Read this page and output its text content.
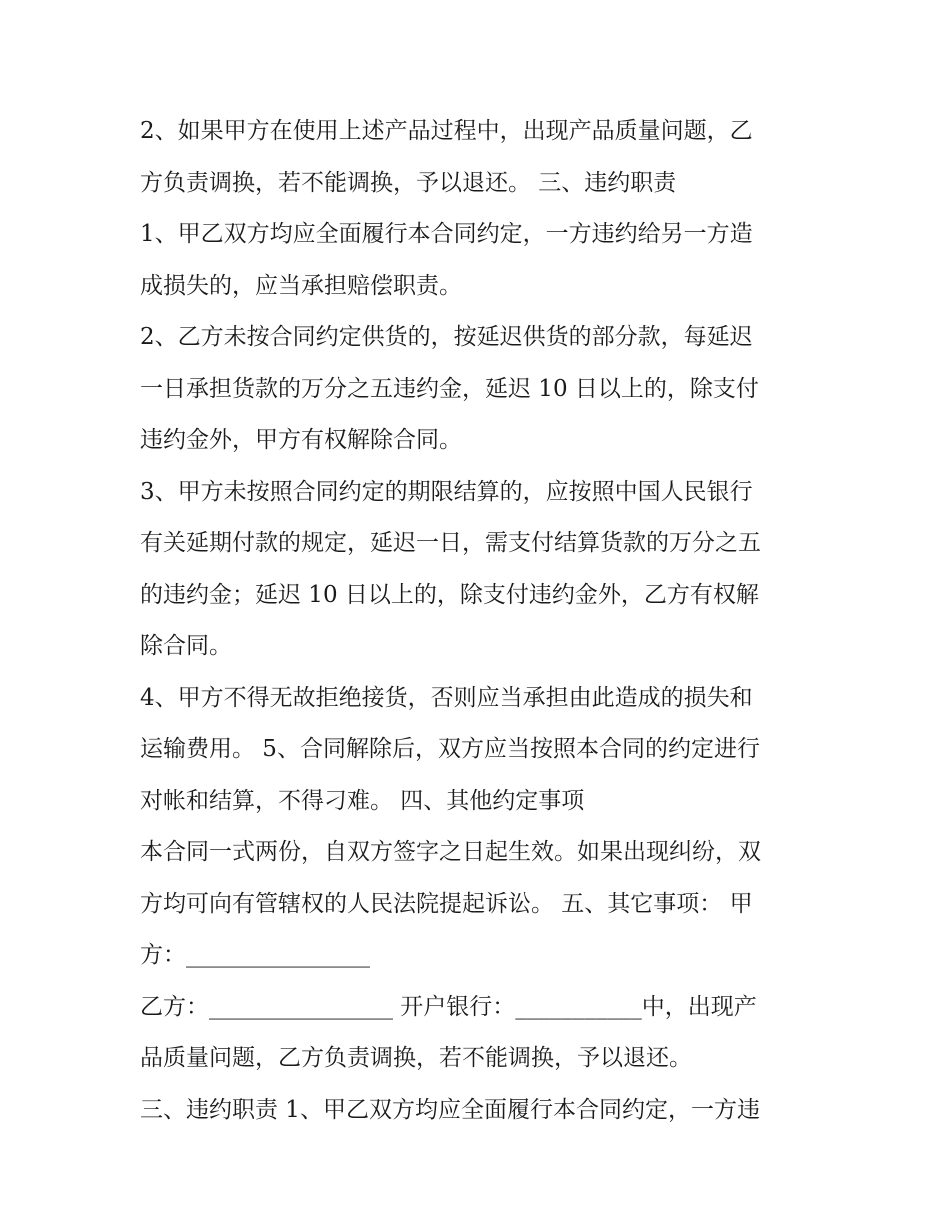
2、如果甲方在使用上述产品过程中，出现产品质量问题，乙
方负责调换，若不能调换，予以退还。 三、违约职责
1、甲乙双方均应全面履行本合同约定，一方违约给另一方造
成损失的，应当承担赔偿职责。
2、乙方未按合同约定供货的，按延迟供货的部分款，每延迟
一日承担货款的万分之五违约金，延迟 10 日以上的，除支付
违约金外，甲方有权解除合同。
3、甲方未按照合同约定的期限结算的，应按照中国人民银行
有关延期付款的规定，延迟一日，需支付结算货款的万分之五
的违约金；延迟 10 日以上的，除支付违约金外，乙方有权解
除合同。
4、甲方不得无故拒绝接货，否则应当承担由此造成的损失和
运输费用。 5、合同解除后，双方应当按照本合同的约定进行
对帐和结算，不得刁难。 四、其他约定事项
本合同一式两份，自双方签字之日起生效。如果出现纠纷，双
方均可向有管辖权的人民法院提起诉讼。 五、其它事项： 甲
方：________________
乙方：________________ 开户银行：___________中，出现产
品质量问题，乙方负责调换，若不能调换，予以退还。
三、违约职责 1、甲乙双方均应全面履行本合同约定，一方违
